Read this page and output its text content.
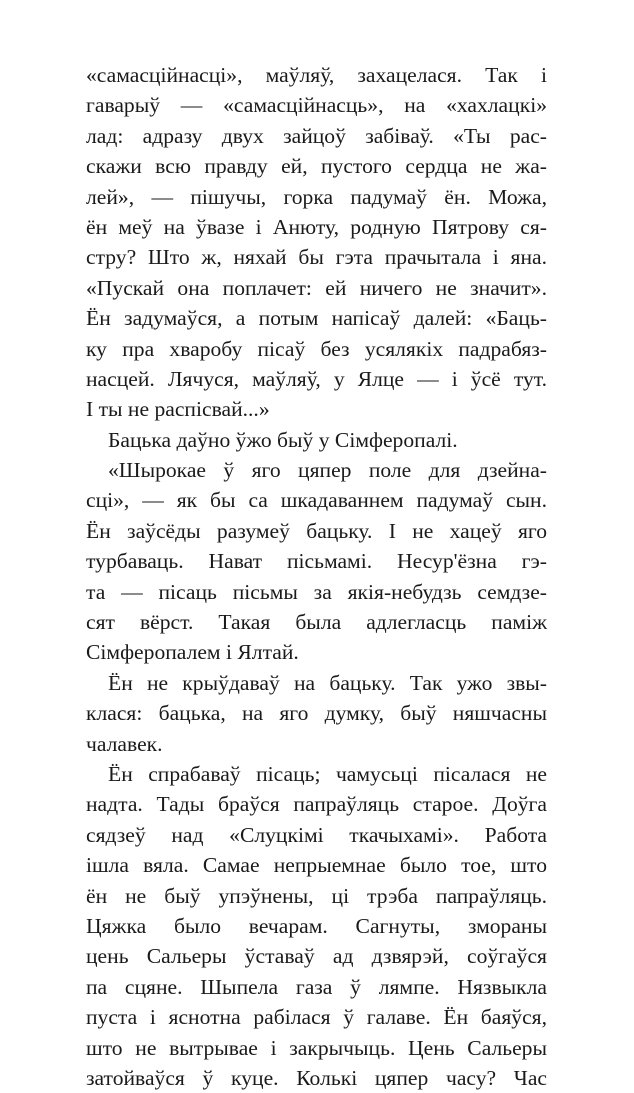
«самасційнасці», маўляў, захацелася. Так і
гаварыў — «самасційнасць», на «хахлацкі»
лад: адразу двух зайцоў забіваў. «Ты рас-
скажи всю правду ей, пустого сердца не жа-
лей», — пішучы, горка падумаў ён. Можа,
ён меў на ўвазе і Анюту, родную Пятрову ся-
стру? Што ж, няхай бы гэта прачытала і яна.
«Пускай она поплачет: ей ничего не значит».
Ён задумаўся, а потым напісаў далей: «Баць-
ку пра хваробу пісаў без усялякіх падрабяз-
насцей. Лячуся, маўляў, у Ялце — і ўсё тут.
І ты не распісвай...»
Бацька даўно ўжо быў у Сімферопалі.
«Шырокае ў яго цяпер поле для дзейна-
сці», — як бы са шкадаваннем падумаў сын.
Ён заўсёды разумеў бацьку. І не хацеў яго
турбаваць. Нават пісьмамі. Несур'ёзна гэ-
та — пісаць пісьмы за якія-небудзь семдзе-
сят вёрст. Такая была адлегласць паміж
Сімферопалем і Ялтай.
Ён не крыўдаваў на бацьку. Так ужо звы-
клася: бацька, на яго думку, быў няшчасны
чалавек.
Ён спрабаваў пісаць; чамусьці пісалася не
надта. Тады браўся папраўляць старое. Доўга
сядзеў над «Слуцкімі ткачыхамі». Работа
ішла вяла. Самае непрыемнае было тое, што
ён не быў упэўнены, ці трэба папраўляць.
Цяжка было вечарам. Сагнуты, змораны
цень Сальеры ўставаў ад дзвярэй, соўгаўся
па сцяне. Шыпела газа ў лямпе. Нязвыкла
пуста і яснотна рабілася ў галаве. Ён баяўся,
што не вытрывае і закрычыць. Цень Сальеры
затойваўся ў куце. Колькі цяпер часу? Час
